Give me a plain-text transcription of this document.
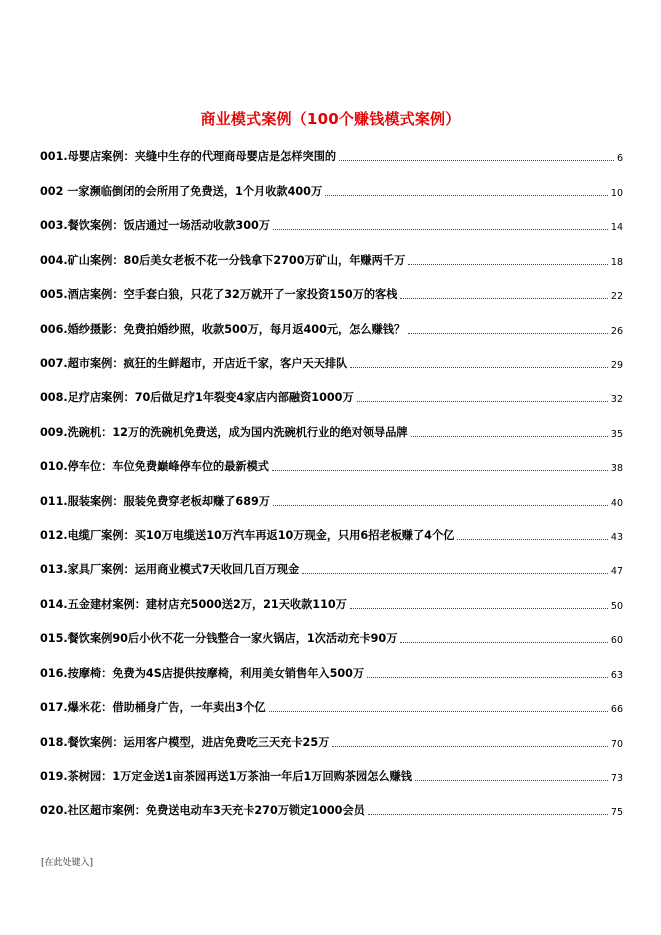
商业模式案例（100个赚钱模式案例）
001.母婴店案例：夹缝中生存的代理商母婴店是怎样突围的	6
002 一家濒临倒闭的会所用了免费送，1个月收款400万	10
003.餐饮案例：饭店通过一场活动收款300万	14
004.矿山案例：80后美女老板不花一分钱拿下2700万矿山，年赚两千万	18
005.酒店案例：空手套白狼，只花了32万就开了一家投资150万的客栈	22
006.婚纱摄影：免费拍婚纱照，收款500万，每月返400元，怎么赚钱？	26
007.超市案例：疯狂的生鲜超市，开店近千家，客户天天排队	29
008.足疗店案例：70后做足疗1年裂变4家店内部融资1000万	32
009.洗碗机：12万的洗碗机免费送，成为国内洗碗机行业的绝对领导品牌	35
010.停车位：车位免费巅峰停车位的最新模式	38
011.服装案例：服装免费穿老板却赚了689万	40
012.电缆厂案例：买10万电缆送10万汽车再返10万现金，只用6招老板赚了4个亿	43
013.家具厂案例：运用商业模式7天收回几百万现金	47
014.五金建材案例：建材店充5000送2万，21天收款110万	50
015.餐饮案例90后小伙不花一分钱整合一家火锅店，1次活动充卡90万	60
016.按摩椅：免费为4S店提供按摩椅，利用美女销售年入500万	63
017.爆米花：借助桶身广告，一年卖出3个亿	66
018.餐饮案例：运用客户模型，进店免费吃三天充卡25万	70
019.茶树园：1万定金送1亩茶园再送1万茶油一年后1万回购茶园怎么赚钱	73
020.社区超市案例：免费送电动车3天充卡270万锁定1000会员	75
[在此处键入]
